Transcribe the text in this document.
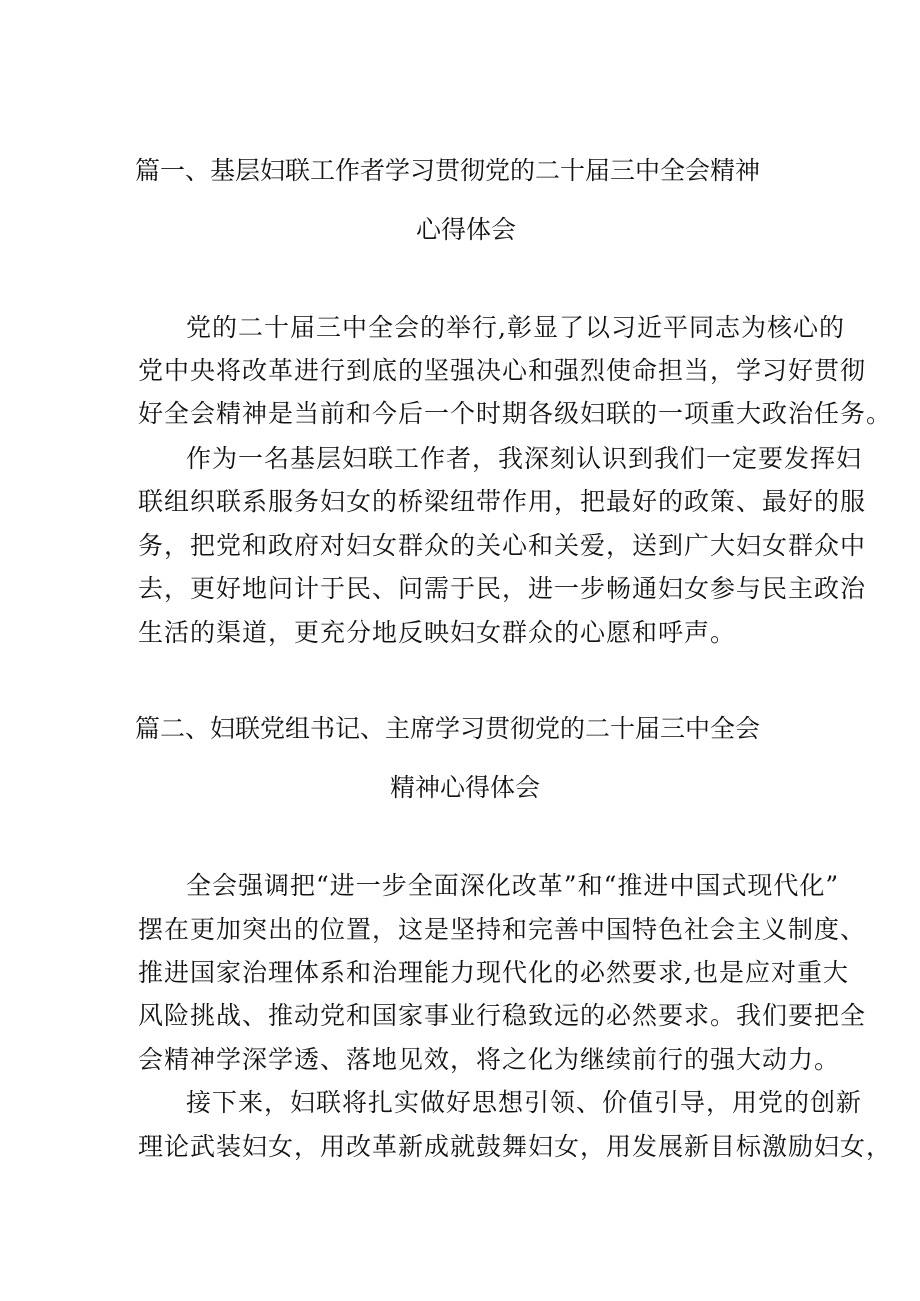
篇一、基层妇联工作者学习贯彻党的二十届三中全会精神
心得体会
党的二十届三中全会的举行,彰显了以习近平同志为核心的
党中央将改革进行到底的坚强决心和强烈使命担当，学习好贯彻
好全会精神是当前和今后一个时期各级妇联的一项重大政治任务。
作为一名基层妇联工作者，我深刻认识到我们一定要发挥妇
联组织联系服务妇女的桥梁纽带作用，把最好的政策、最好的服
务，把党和政府对妇女群众的关心和关爱，送到广大妇女群众中
去，更好地问计于民、问需于民，进一步畅通妇女参与民主政治
生活的渠道，更充分地反映妇女群众的心愿和呼声。
篇二、妇联党组书记、主席学习贯彻党的二十届三中全会
精神心得体会
全会强调把“进一步全面深化改革”和“推进中国式现代化”
摆在更加突出的位置，这是坚持和完善中国特色社会主义制度、
推进国家治理体系和治理能力现代化的必然要求,也是应对重大
风险挑战、推动党和国家事业行稳致远的必然要求。我们要把全
会精神学深学透、落地见效，将之化为继续前行的强大动力。
接下来，妇联将扎实做好思想引领、价值引导，用党的创新
理论武装妇女，用改革新成就鼓舞妇女，用发展新目标激励妇女，
